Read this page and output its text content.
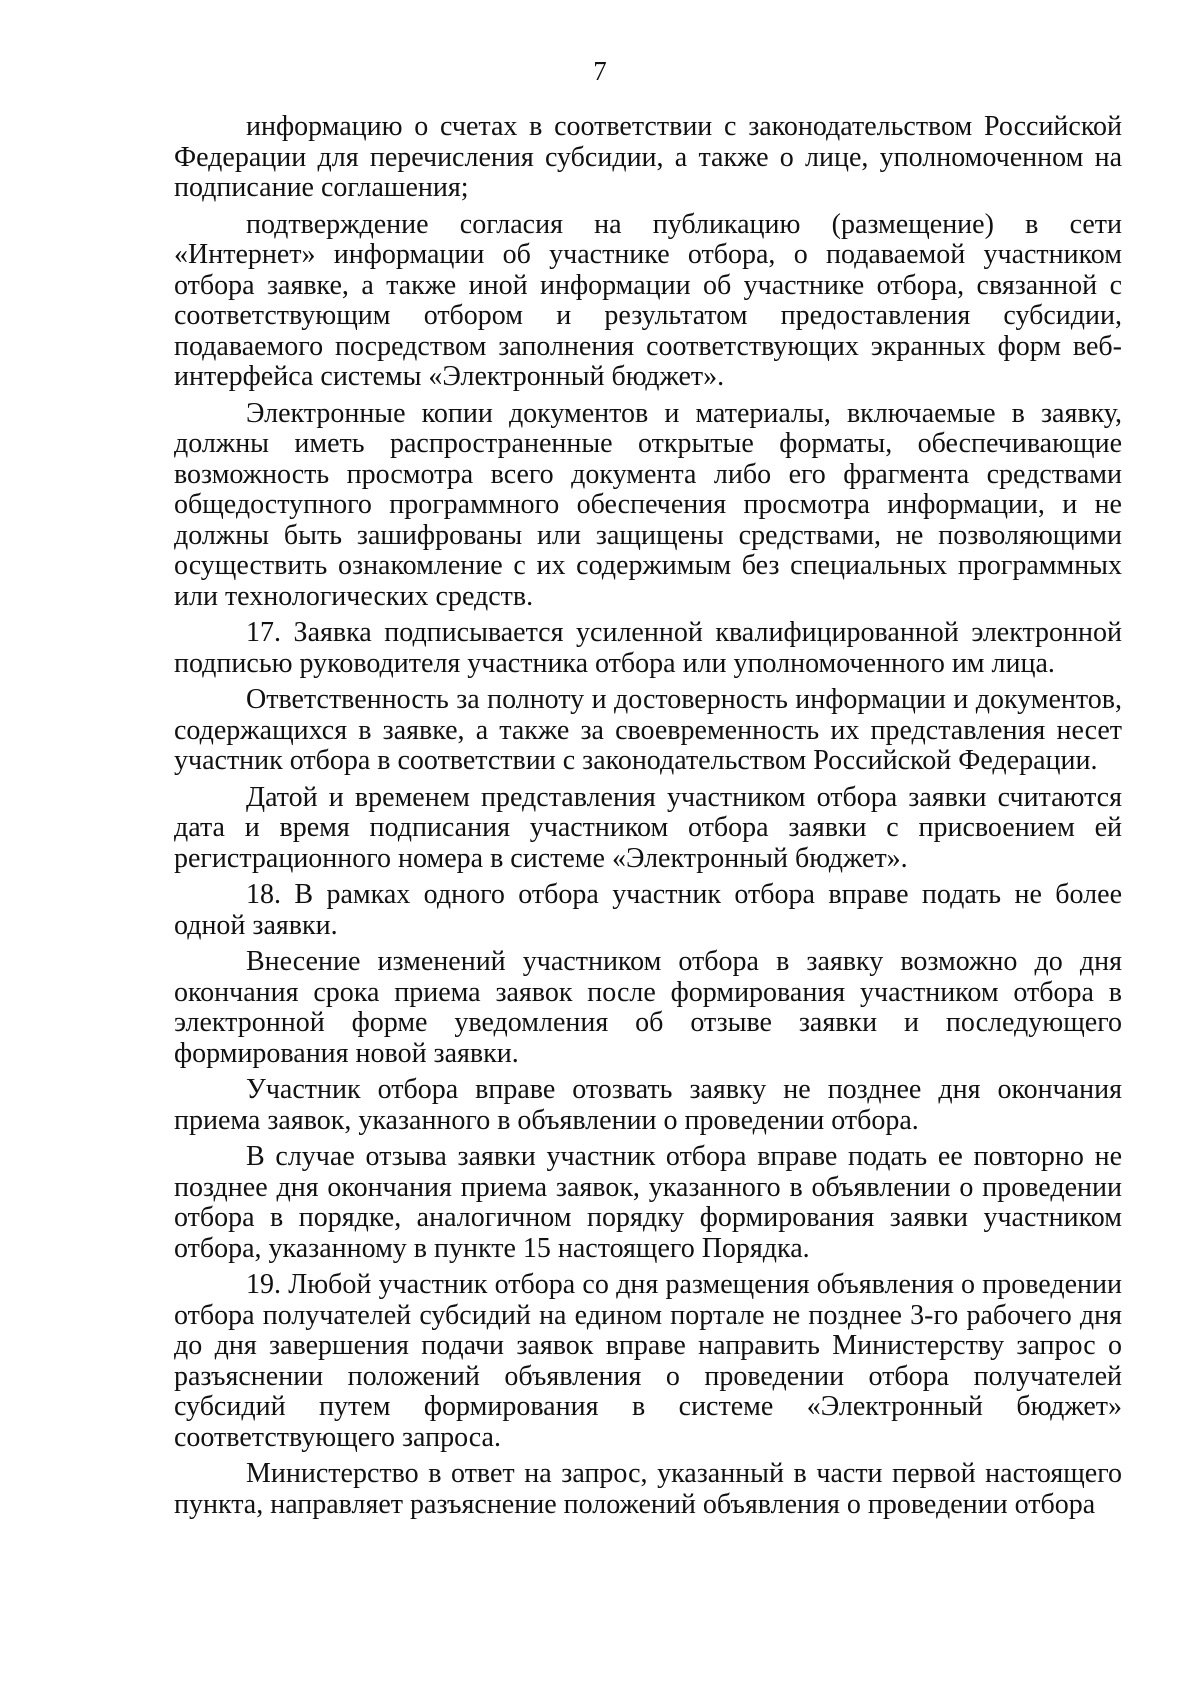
7

информацию о счетах в соответствии с законодательством Российской Федерации для перечисления субсидии, а также о лице, уполномоченном на подписание соглашения;

подтверждение согласия на публикацию (размещение) в сети «Интернет» информации об участнике отбора, о подаваемой участником отбора заявке, а также иной информации об участнике отбора, связанной с соответствующим отбором и результатом предоставления субсидии, подаваемого посредством заполнения соответствующих экранных форм веб-интерфейса системы «Электронный бюджет».

Электронные копии документов и материалы, включаемые в заявку, должны иметь распространенные открытые форматы, обеспечивающие возможность просмотра всего документа либо его фрагмента средствами общедоступного программного обеспечения просмотра информации, и не должны быть зашифрованы или защищены средствами, не позволяющими осуществить ознакомление с их содержимым без специальных программных или технологических средств.

17. Заявка подписывается усиленной квалифицированной электронной подписью руководителя участника отбора или уполномоченного им лица.

Ответственность за полноту и достоверность информации и документов, содержащихся в заявке, а также за своевременность их представления несет участник отбора в соответствии с законодательством Российской Федерации.

Датой и временем представления участником отбора заявки считаются дата и время подписания участником отбора заявки с присвоением ей регистрационного номера в системе «Электронный бюджет».

18. В рамках одного отбора участник отбора вправе подать не более одной заявки.

Внесение изменений участником отбора в заявку возможно до дня окончания срока приема заявок после формирования участником отбора в электронной форме уведомления об отзыве заявки и последующего формирования новой заявки.

Участник отбора вправе отозвать заявку не позднее дня окончания приема заявок, указанного в объявлении о проведении отбора.

В случае отзыва заявки участник отбора вправе подать ее повторно не позднее дня окончания приема заявок, указанного в объявлении о проведении отбора в порядке, аналогичном порядку формирования заявки участником отбора, указанному в пункте 15 настоящего Порядка.

19. Любой участник отбора со дня размещения объявления о проведении отбора получателей субсидий на едином портале не позднее 3-го рабочего дня до дня завершения подачи заявок вправе направить Министерству запрос о разъяснении положений объявления о проведении отбора получателей субсидий путем формирования в системе «Электронный бюджет» соответствующего запроса.

Министерство в ответ на запрос, указанный в части первой настоящего пункта, направляет разъяснение положений объявления о проведении отбора
